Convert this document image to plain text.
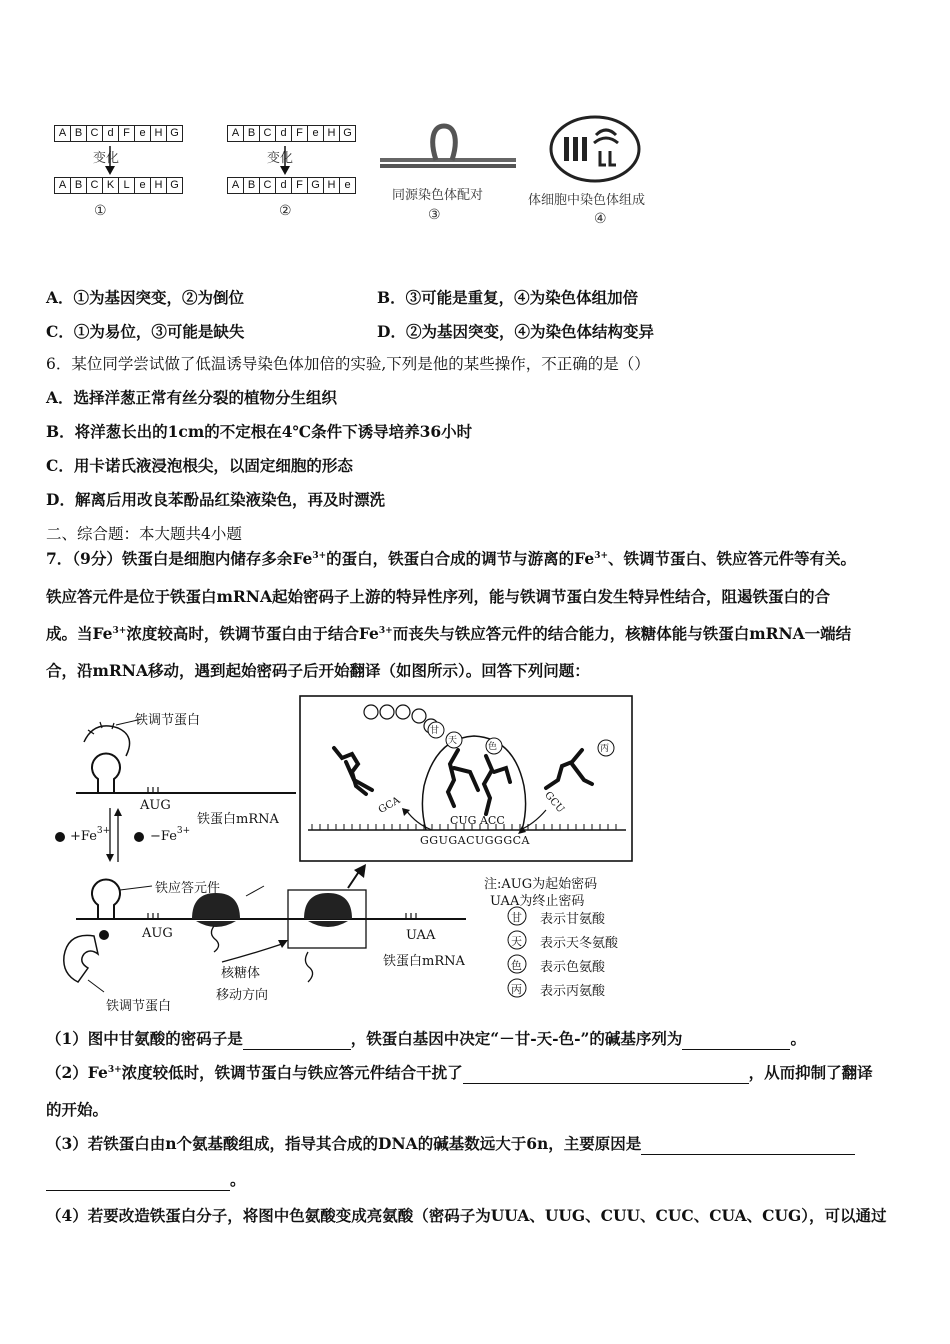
A B C d F e H G
变化
A B C K L e H G
①
A B C d F e H G
变化
A B C d F G H e
②
同源染色体配对
③
体细胞中染色体组成
④
A．①为基因突变，②为倒位	B．③可能是重复，④为染色体组加倍
C．①为易位，③可能是缺失	D．②为基因突变，④为染色体结构变异
6．某位同学尝试做了低温诱导染色体加倍的实验,下列是他的某些操作，不正确的是（）
A．选择洋葱正常有丝分裂的植物分生组织
B．将洋葱长出的1cm的不定根在4℃条件下诱导培养36小时
C．用卡诺氏液浸泡根尖，以固定细胞的形态
D．解离后用改良苯酚品红染液染色，再及时漂洗
二、综合题：本大题共4小题
7．（9分）铁蛋白是细胞内储存多余$Fe^{3+}$的蛋白，铁蛋白合成的调节与游离的$Fe^{3+}$、铁调节蛋白、铁应答元件等有关。
铁应答元件是位于铁蛋白mRNA起始密码子上游的特异性序列，能与铁调节蛋白发生特异性结合，阻遏铁蛋白的合
成。当$Fe^{3+}$浓度较高时，铁调节蛋白由于结合$Fe^{3+}$而丧失与铁应答元件的结合能力，核糖体能与铁蛋白mRNA一端结
合，沿mRNA移动，遇到起始密码子后开始翻译（如图所示）。回答下列问题：
铁调节蛋白
AUG
铁蛋白mRNA
$+Fe^{3+}$	$-Fe^{3+}$
铁应答元件
AUG	UAA
铁蛋白mRNA
铁调节蛋白
核糖体
移动方向
GCA
CUG ACC
GCU
GGUGACUGGGCA
甘
天
色	丙
注:AUG为起始密码
UAA为终止密码
甘 表示甘氨酸
天 表示天冬氨酸
色 表示色氨酸
丙 表示丙氨酸
（1）图中甘氨酸的密码子是	，铁蛋白基因中决定“－甘-天-色-”的碱基序列为	。
$(2)Fe^{3+}$浓度较低时，铁调节蛋白与铁应答元件结合干扰了	，从而抑制了翻译
的开始。
（3）若铁蛋白由n个氨基酸组成，指导其合成的DNA的碱基数远大于6n，主要原因是
。
（4）若要改造铁蛋白分子，将图中色氨酸变成亮氨酸（密码子为UUA、UUG、CUU、CUC、CUA、CUG），可以通过
